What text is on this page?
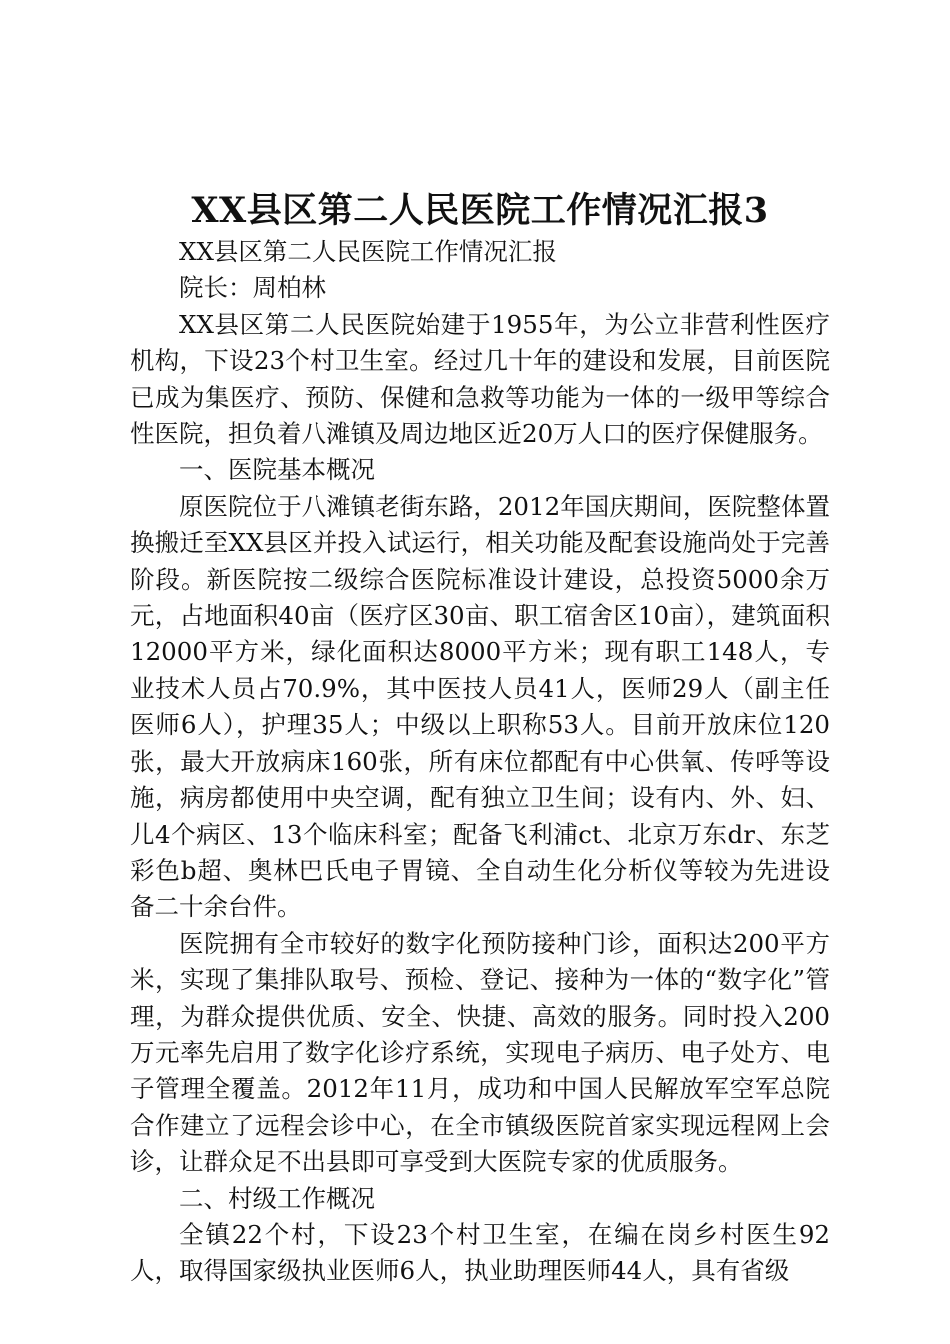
XX县区第二人民医院工作情况汇报3

XX县区第二人民医院工作情况汇报

院长：周柏林

XX县区第二人民医院始建于1955年，为公立非营利性医疗机构，下设23个村卫生室。经过几十年的建设和发展，目前医院已成为集医疗、预防、保健和急救等功能为一体的一级甲等综合性医院，担负着八滩镇及周边地区近20万人口的医疗保健服务。

一、医院基本概况

原医院位于八滩镇老街东路，2012年国庆期间，医院整体置换搬迁至XX县区并投入试运行，相关功能及配套设施尚处于完善阶段。新医院按二级综合医院标准设计建设，总投资5000余万元，占地面积40亩（医疗区30亩、职工宿舍区10亩），建筑面积12000平方米，绿化面积达8000平方米；现有职工148人，专业技术人员占70.9%，其中医技人员41人，医师29人（副主任医师6人），护理35人；中级以上职称53人。目前开放床位120张，最大开放病床160张，所有床位都配有中心供氧、传呼等设施，病房都使用中央空调，配有独立卫生间；设有内、外、妇、儿4个病区、13个临床科室；配备飞利浦ct、北京万东dr、东芝彩色b超、奥林巴氏电子胃镜、全自动生化分析仪等较为先进设备二十余台件。

医院拥有全市较好的数字化预防接种门诊，面积达200平方米，实现了集排队取号、预检、登记、接种为一体的“数字化”管理，为群众提供优质、安全、快捷、高效的服务。同时投入200万元率先启用了数字化诊疗系统，实现电子病历、电子处方、电子管理全覆盖。2012年11月，成功和中国人民解放军空军总院合作建立了远程会诊中心，在全市镇级医院首家实现远程网上会诊，让群众足不出县即可享受到大医院专家的优质服务。

二、村级工作概况

全镇22个村，下设23个村卫生室，在编在岗乡村医生92人，取得国家级执业医师6人，执业助理医师44人，具有省级
